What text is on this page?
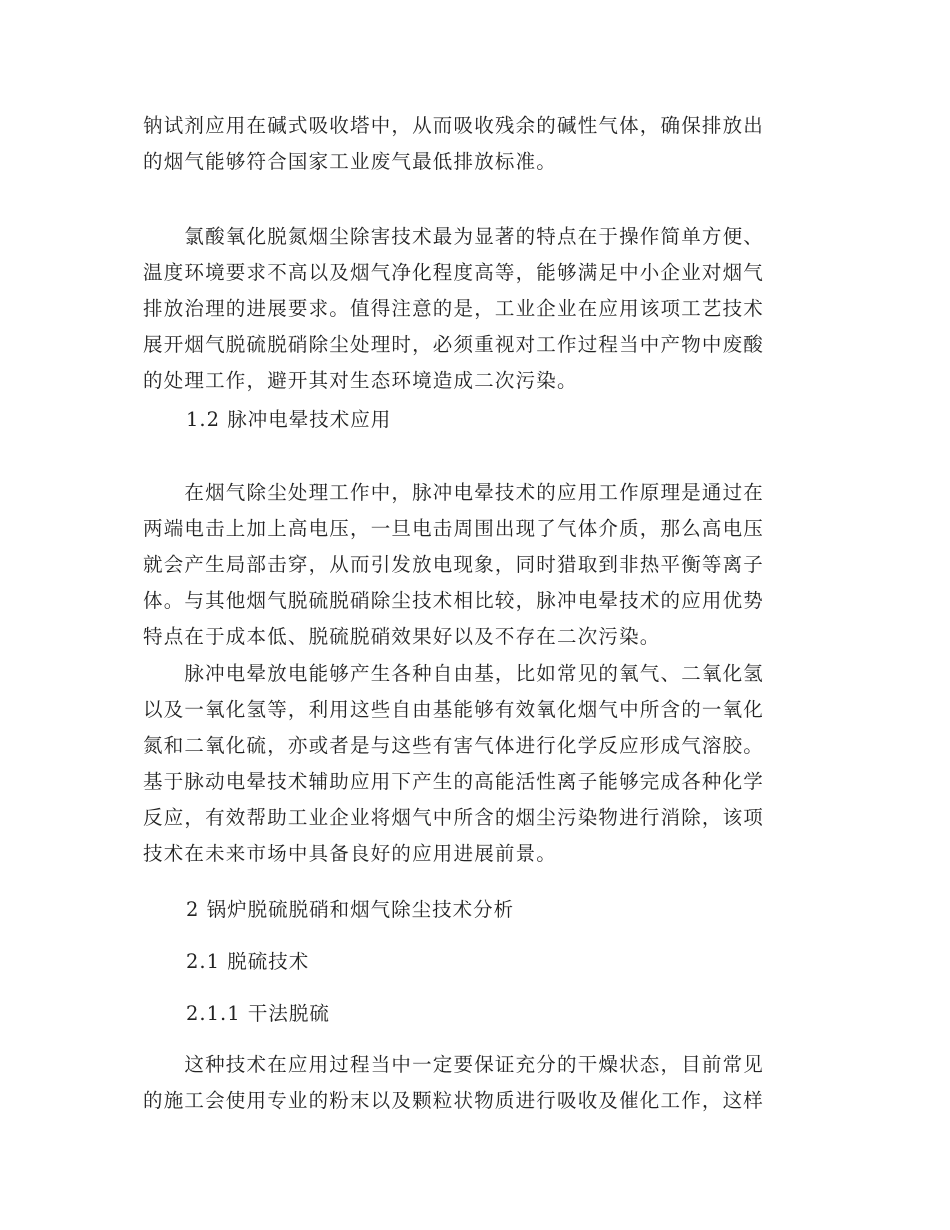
钠试剂应用在碱式吸收塔中，从而吸收残余的碱性气体，确保排放出
的烟气能够符合国家工业废气最低排放标准。
　　氯酸氧化脱氮烟尘除害技术最为显著的特点在于操作简单方便、
温度环境要求不高以及烟气净化程度高等，能够满足中小企业对烟气
排放治理的进展要求。值得注意的是，工业企业在应用该项工艺技术
展开烟气脱硫脱硝除尘处理时，必须重视对工作过程当中产物中废酸
的处理工作，避开其对生态环境造成二次污染。
1.2 脉冲电晕技术应用
　　在烟气除尘处理工作中，脉冲电晕技术的应用工作原理是通过在
两端电击上加上高电压，一旦电击周围出现了气体介质，那么高电压
就会产生局部击穿，从而引发放电现象，同时猎取到非热平衡等离子
体。与其他烟气脱硫脱硝除尘技术相比较，脉冲电晕技术的应用优势
特点在于成本低、脱硫脱硝效果好以及不存在二次污染。
　　脉冲电晕放电能够产生各种自由基，比如常见的氧气、二氧化氢
以及一氧化氢等，利用这些自由基能够有效氧化烟气中所含的一氧化
氮和二氧化硫，亦或者是与这些有害气体进行化学反应形成气溶胶。
基于脉动电晕技术辅助应用下产生的高能活性离子能够完成各种化学
反应，有效帮助工业企业将烟气中所含的烟尘污染物进行消除，该项
技术在未来市场中具备良好的应用进展前景。
2 锅炉脱硫脱硝和烟气除尘技术分析
2.1 脱硫技术
2.1.1 干法脱硫
　　这种技术在应用过程当中一定要保证充分的干燥状态，目前常见
的施工会使用专业的粉末以及颗粒状物质进行吸收及催化工作，这样
